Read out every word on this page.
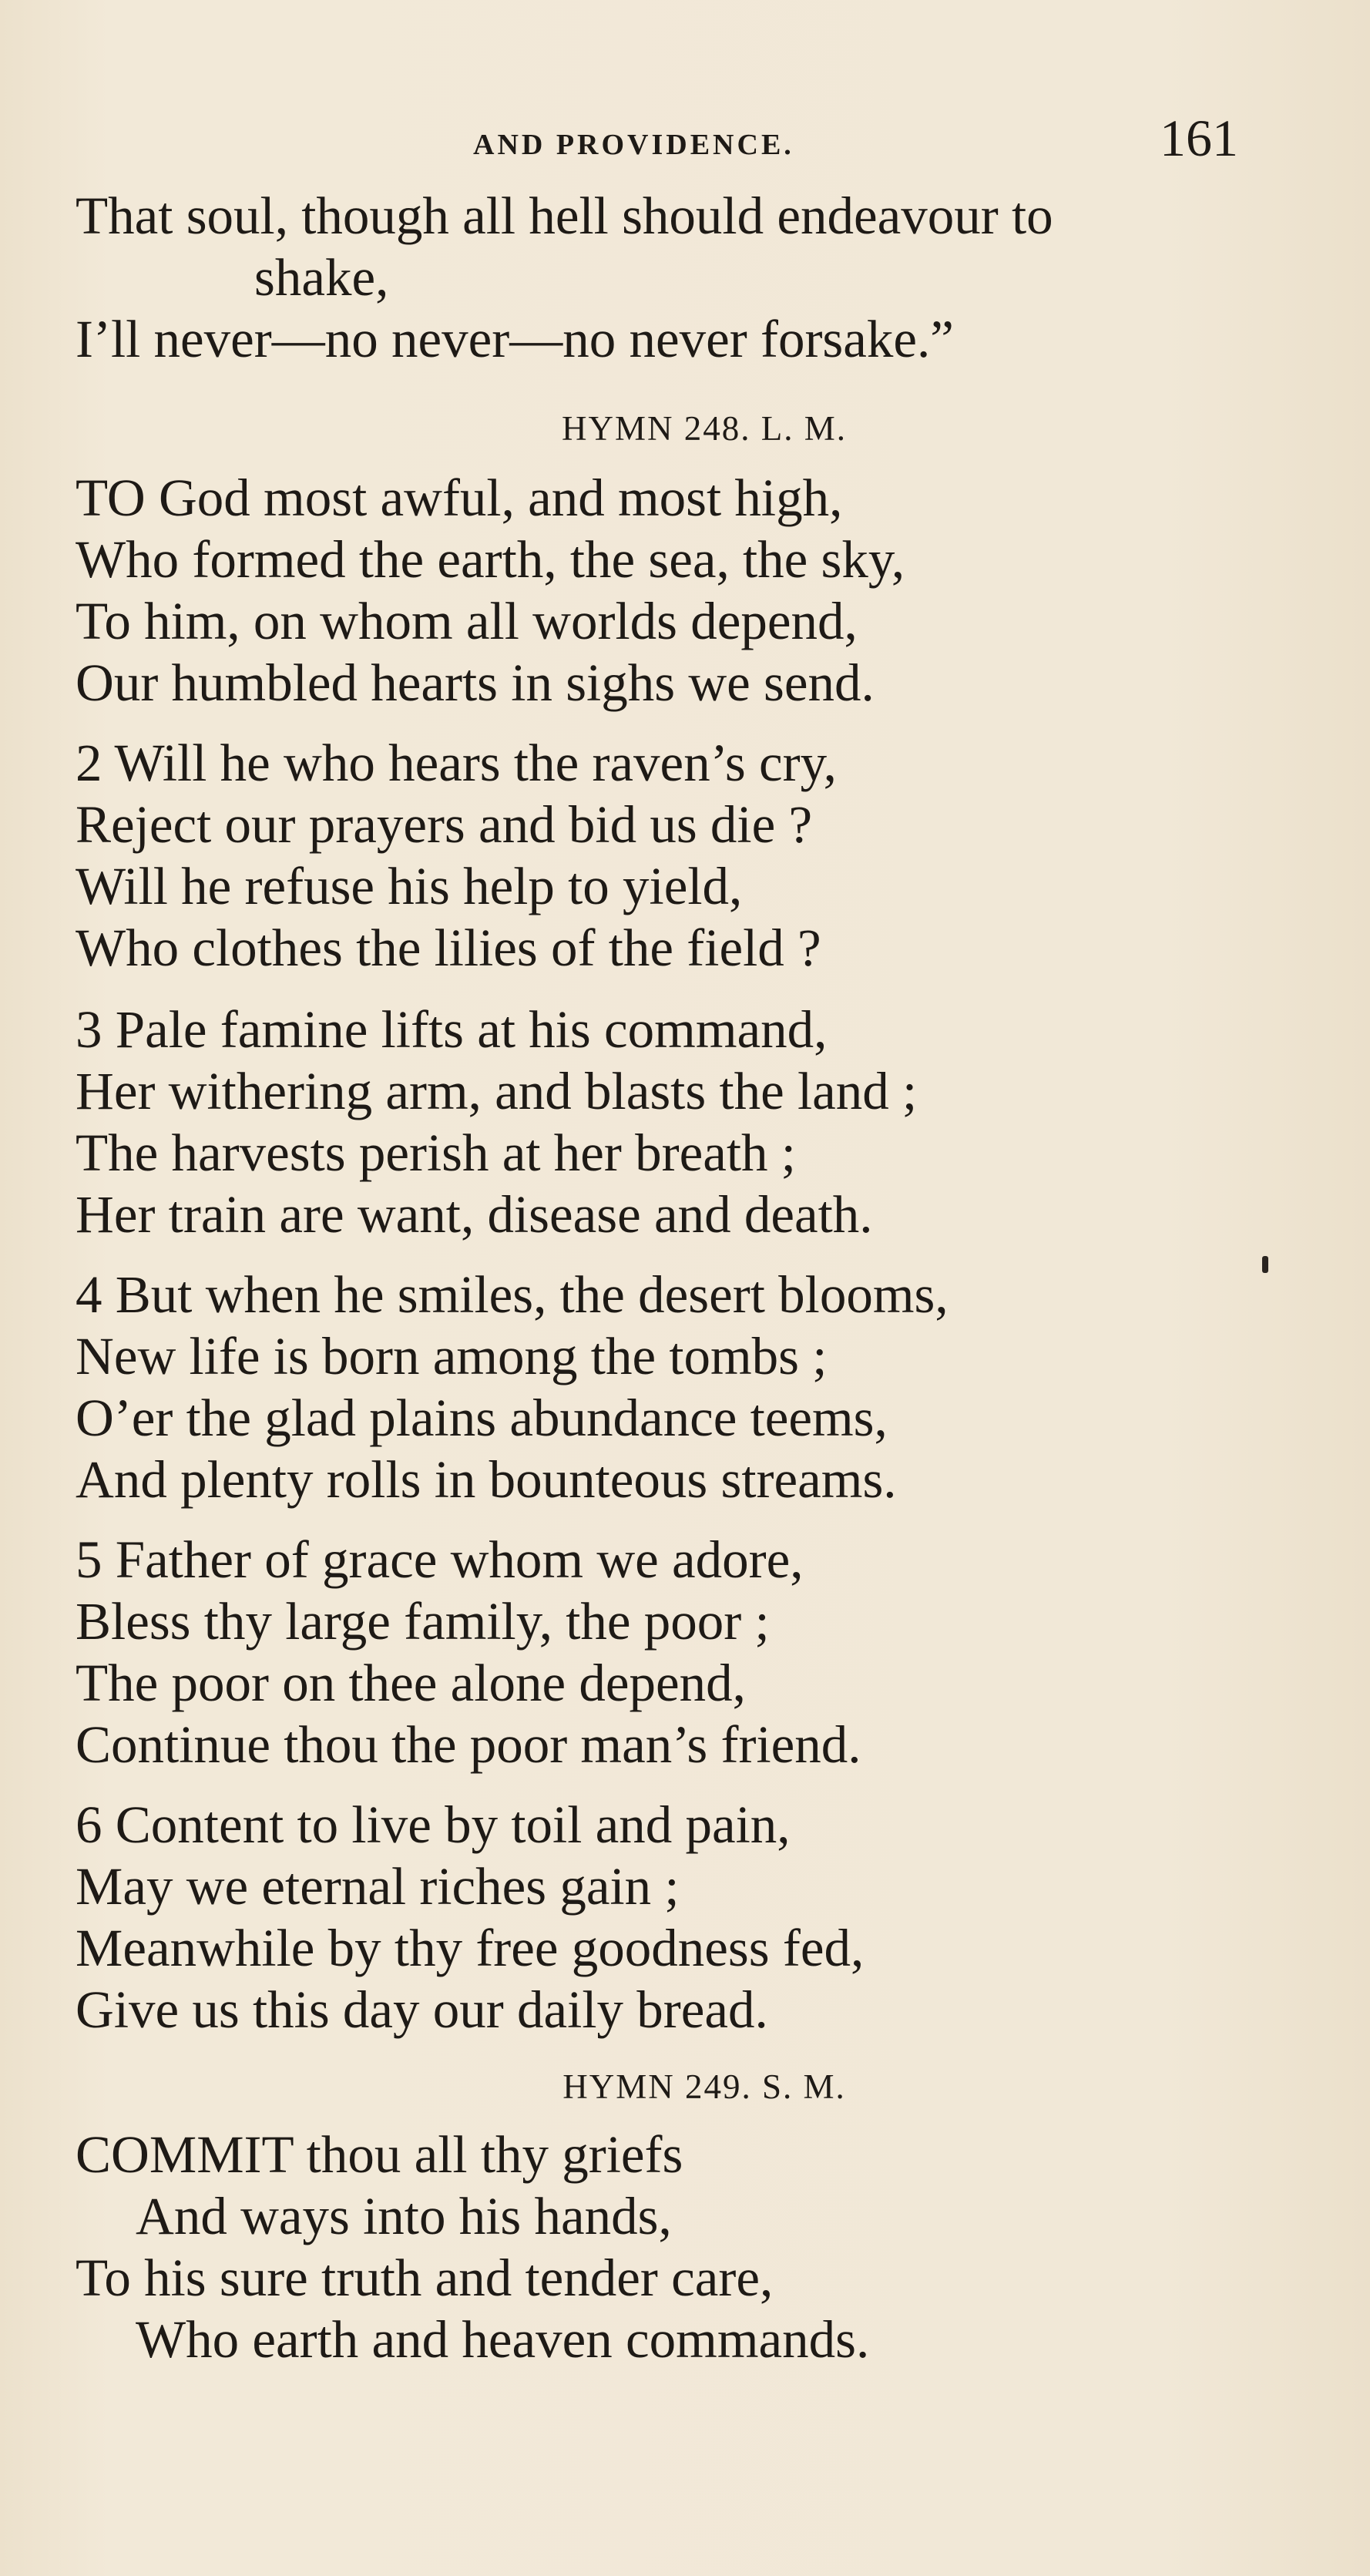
AND PROVIDENCE.	161
That soul, though all hell should endeavour to
shake,
I’ll never—no never—no never forsake.”
HYMN 248. L. M.
TO God most awful, and most high,
Who formed the earth, the sea, the sky,
To him, on whom all worlds depend,
Our humbled hearts in sighs we send.
2 Will he who hears the raven’s cry,
Reject our prayers and bid us die ?
Will he refuse his help to yield,
Who clothes the lilies of the field ?
3 Pale famine lifts at his command,
Her withering arm, and blasts the land ;
The harvests perish at her breath ;
Her train are want, disease and death.
4 But when he smiles, the desert blooms,
New life is born among the tombs ;
O’er the glad plains abundance teems,
And plenty rolls in bounteous streams.
5 Father of grace whom we adore,
Bless thy large family, the poor ;
The poor on thee alone depend,
Continue thou the poor man’s friend.
6 Content to live by toil and pain,
May we eternal riches gain ;
Meanwhile by thy free goodness fed,
Give us this day our daily bread.
HYMN 249. S. M.
COMMIT thou all thy griefs
And ways into his hands,
To his sure truth and tender care,
Who earth and heaven commands.
